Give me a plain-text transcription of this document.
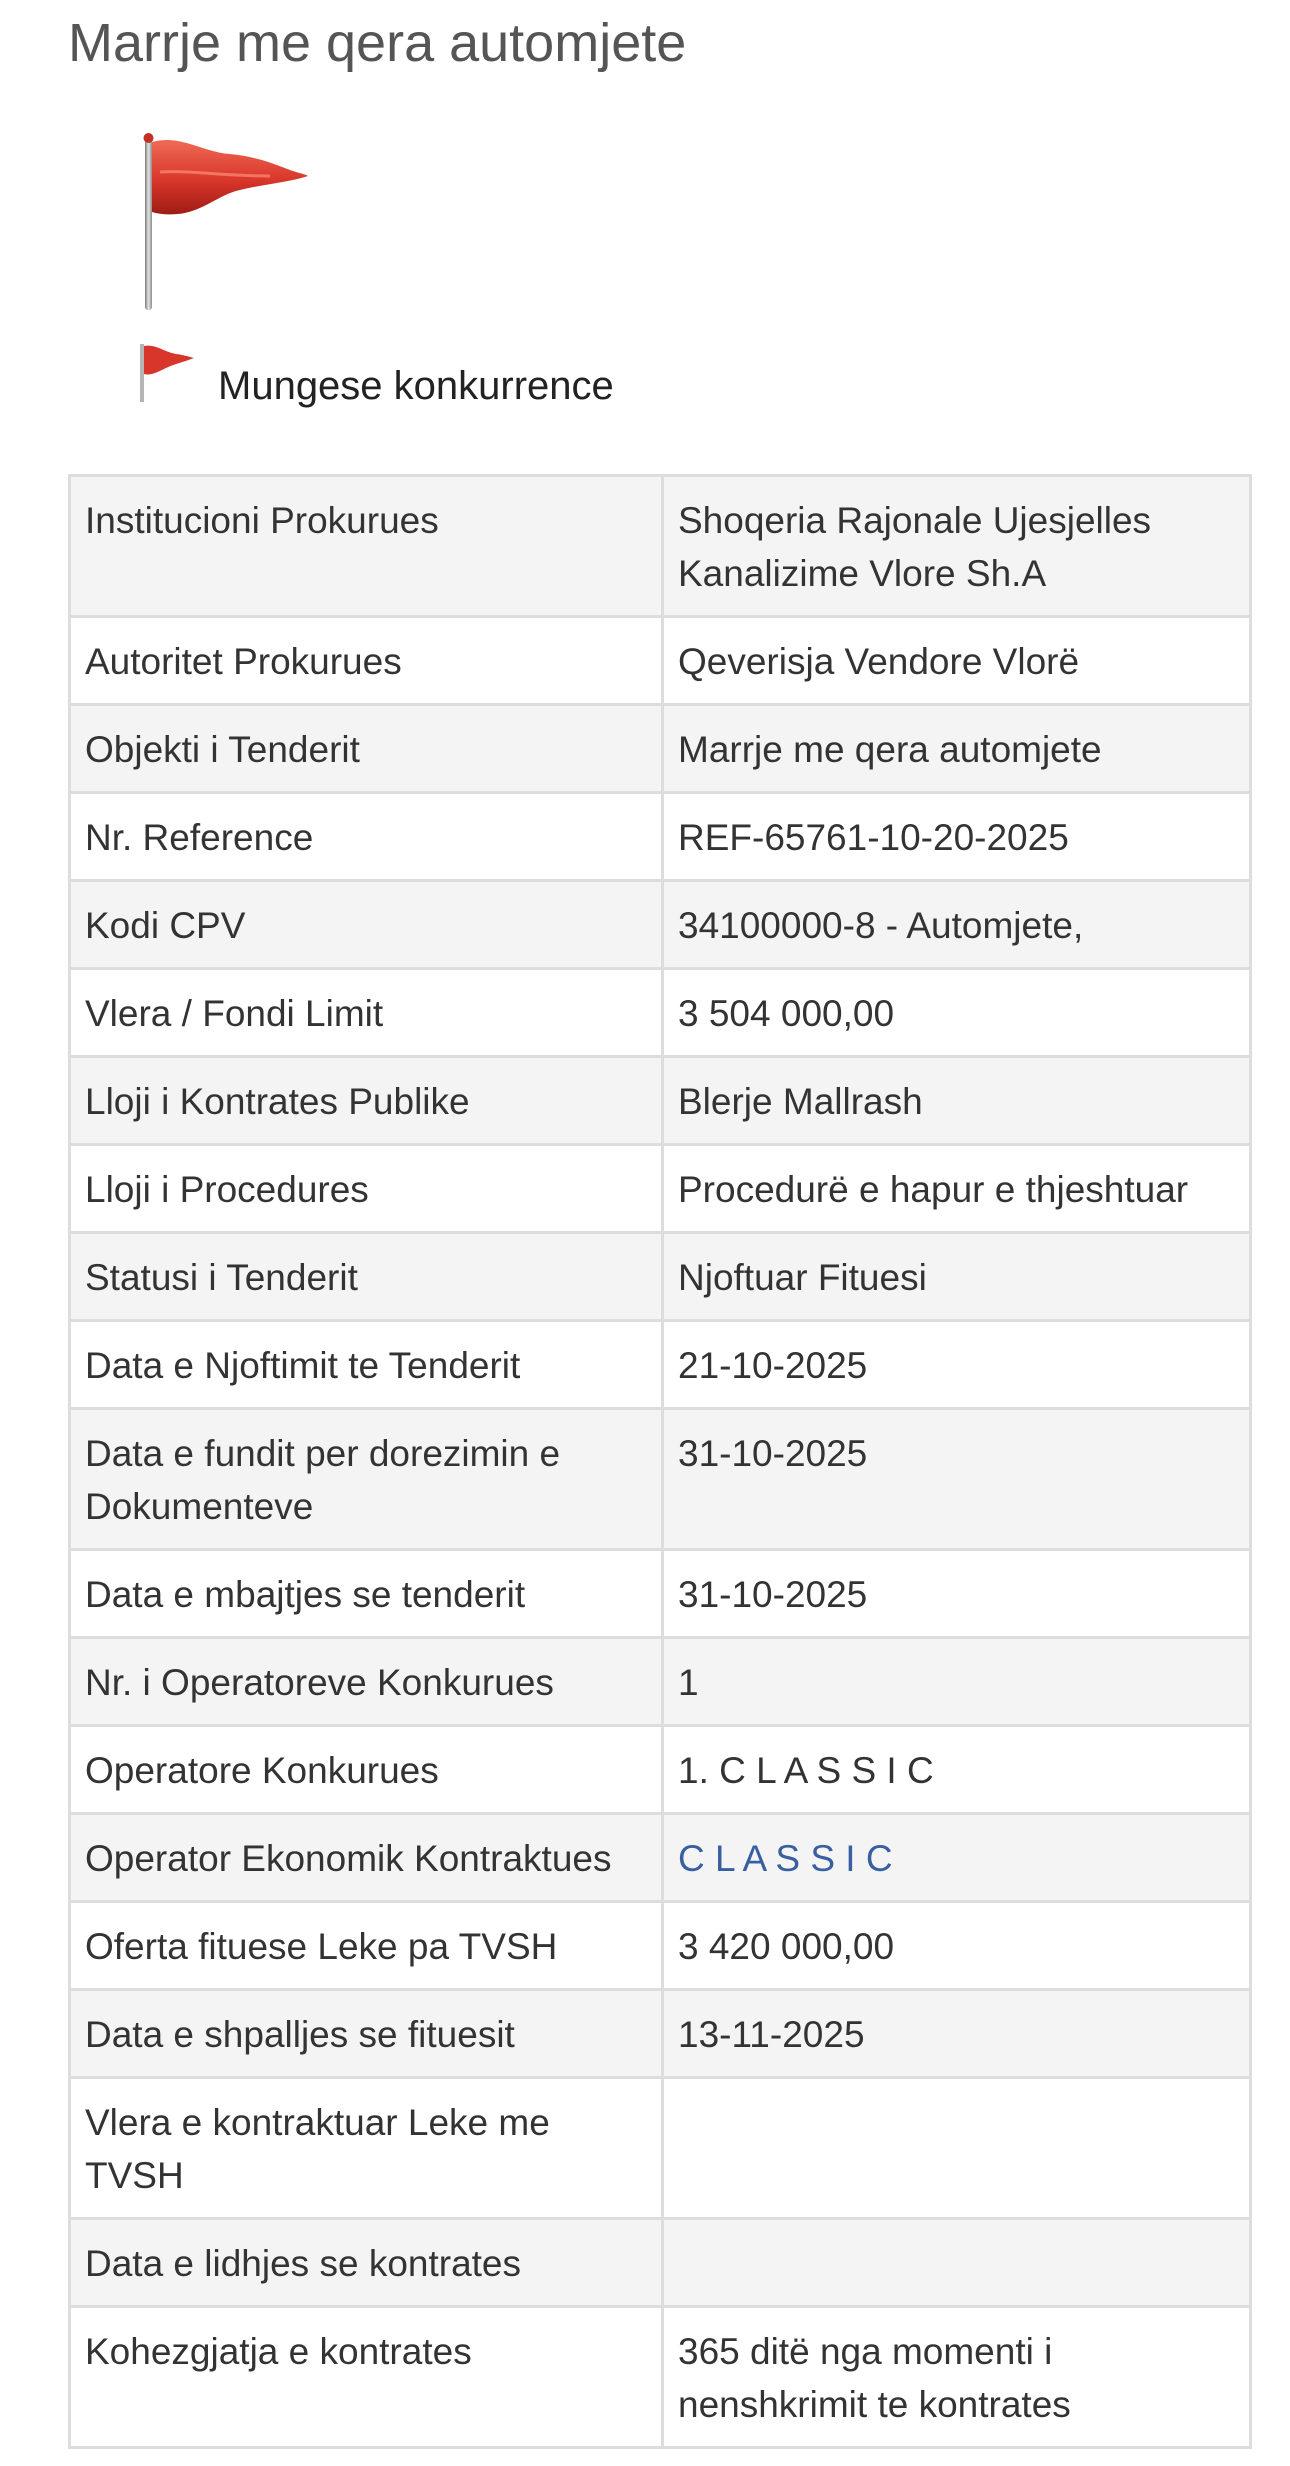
Marrje me qera automjete
Mungese konkurrence
Institucioni Prokurues	Shoqeria Rajonale Ujesjelles Kanalizime Vlore Sh.A
Autoritet Prokurues	Qeverisja Vendore Vlorë
Objekti i Tenderit	Marrje me qera automjete
Nr. Reference	REF-65761-10-20-2025
Kodi CPV	34100000-8 - Automjete,
Vlera / Fondi Limit	3 504 000,00
Lloji i Kontrates Publike	Blerje Mallrash
Lloji i Procedures	Procedurë e hapur e thjeshtuar
Statusi i Tenderit	Njoftuar Fituesi
Data e Njoftimit te Tenderit	21-10-2025
Data e fundit per dorezimin e Dokumenteve	31-10-2025
Data e mbajtjes se tenderit	31-10-2025
Nr. i Operatoreve Konkurues	1
Operatore Konkurues	1. C L A S S I C
Operator Ekonomik Kontraktues	C L A S S I C
Oferta fituese Leke pa TVSH	3 420 000,00
Data e shpalljes se fituesit	13-11-2025
Vlera e kontraktuar Leke me TVSH	
Data e lidhjes se kontrates	
Kohezgjatja e kontrates	365 ditë nga momenti i nenshkrimit te kontrates
